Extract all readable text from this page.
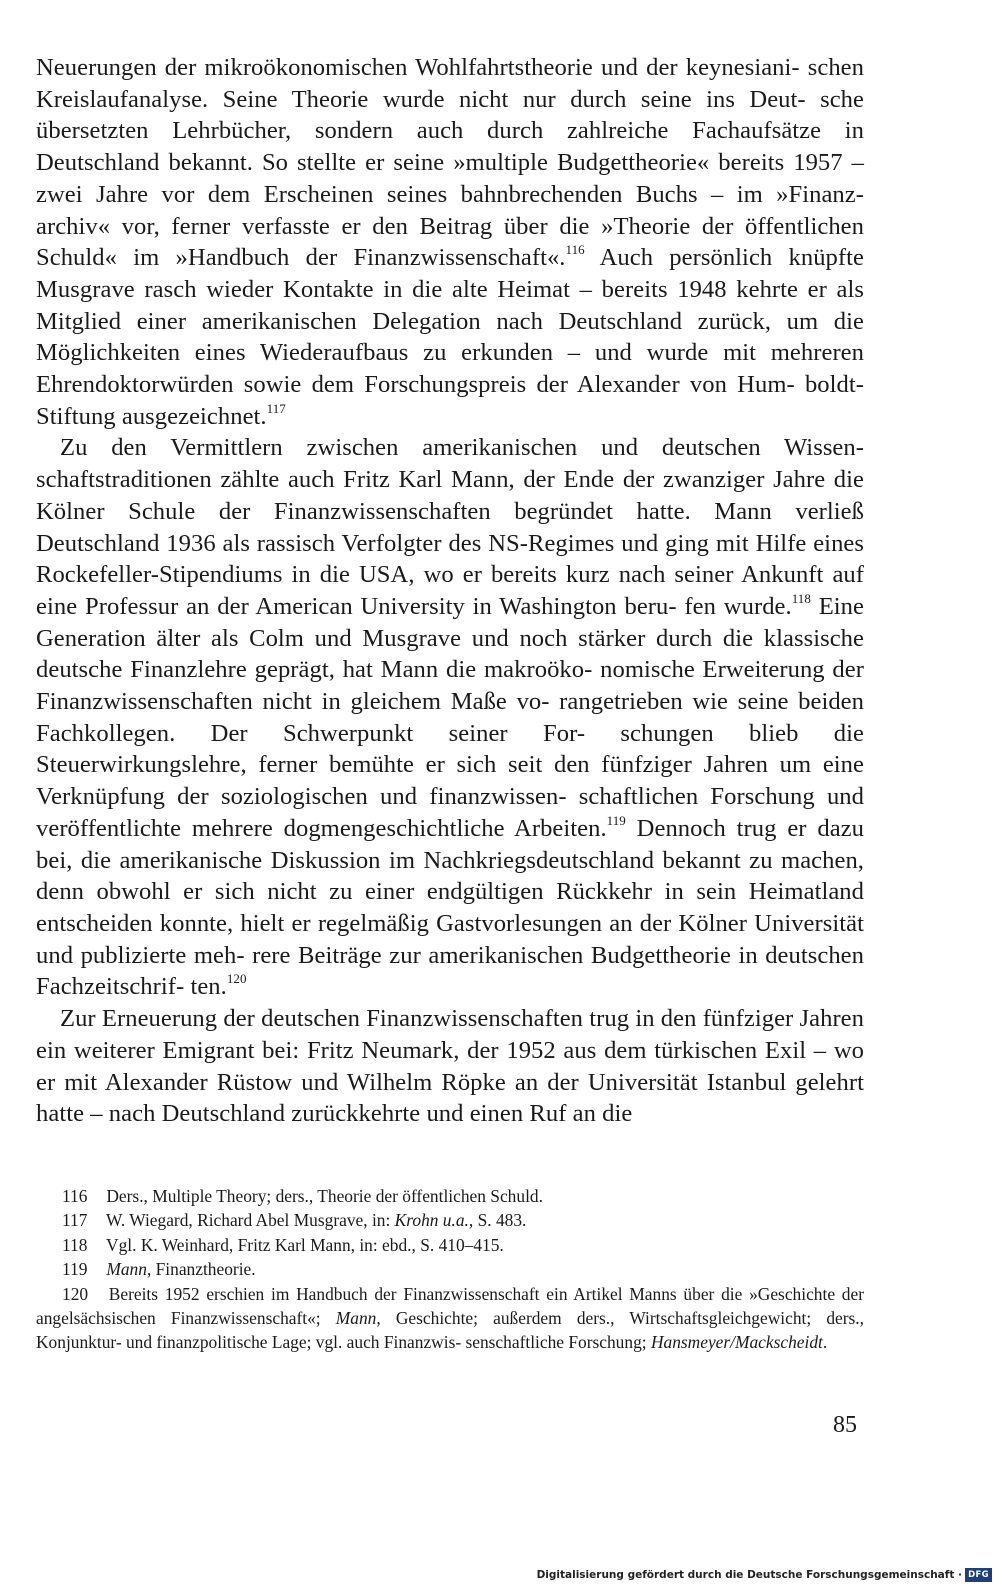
Neuerungen der mikroökonomischen Wohlfahrtstheorie und der keynesiani- schen Kreislaufanalyse. Seine Theorie wurde nicht nur durch seine ins Deut- sche übersetzten Lehrbücher, sondern auch durch zahlreiche Fachaufsätze in Deutschland bekannt. So stellte er seine »multiple Budgettheorie« bereits 1957 – zwei Jahre vor dem Erscheinen seines bahnbrechenden Buchs – im »Finanz- archiv« vor, ferner verfasste er den Beitrag über die »Theorie der öffentlichen Schuld« im »Handbuch der Finanzwissenschaft«.$^{116}$ Auch persönlich knüpfte Musgrave rasch wieder Kontakte in die alte Heimat – bereits 1948 kehrte er als Mitglied einer amerikanischen Delegation nach Deutschland zurück, um die Möglichkeiten eines Wiederaufbaus zu erkunden – und wurde mit mehreren Ehrendoktorwürden sowie dem Forschungspreis der Alexander von Hum- boldt-Stiftung ausgezeichnet.$^{117}$

Zu den Vermittlern zwischen amerikanischen und deutschen Wissen- schaftstraditionen zählte auch Fritz Karl Mann, der Ende der zwanziger Jahre die Kölner Schule der Finanzwissenschaften begründet hatte. Mann verließ Deutschland 1936 als rassisch Verfolgter des NS-Regimes und ging mit Hilfe eines Rockefeller-Stipendiums in die USA, wo er bereits kurz nach seiner Ankunft auf eine Professur an der American University in Washington beru- fen wurde.$^{118}$ Eine Generation älter als Colm und Musgrave und noch stärker durch die klassische deutsche Finanzlehre geprägt, hat Mann die makroöko- nomische Erweiterung der Finanzwissenschaften nicht in gleichem Maße vo- rangetrieben wie seine beiden Fachkollegen. Der Schwerpunkt seiner For- schungen blieb die Steuerwirkungslehre, ferner bemühte er sich seit den fünfziger Jahren um eine Verknüpfung der soziologischen und finanzwissen- schaftlichen Forschung und veröffentlichte mehrere dogmengeschichtliche Arbeiten.$^{119}$ Dennoch trug er dazu bei, die amerikanische Diskussion im Nachkriegsdeutschland bekannt zu machen, denn obwohl er sich nicht zu einer endgültigen Rückkehr in sein Heimatland entscheiden konnte, hielt er regelmäßig Gastvorlesungen an der Kölner Universität und publizierte meh- rere Beiträge zur amerikanischen Budgettheorie in deutschen Fachzeitschrif- ten.$^{120}$

Zur Erneuerung der deutschen Finanzwissenschaften trug in den fünfziger Jahren ein weiterer Emigrant bei: Fritz Neumark, der 1952 aus dem türkischen Exil – wo er mit Alexander Rüstow und Wilhelm Röpke an der Universität Istanbul gelehrt hatte – nach Deutschland zurückkehrte und einen Ruf an die

116 Ders., Multiple Theory; ders., Theorie der öffentlichen Schuld.

117 W. Wiegard, Richard Abel Musgrave, in: Krohn u.a., S. 483.

118 Vgl. K. Weinhard, Fritz Karl Mann, in: ebd., S. 410–415.

119 Mann, Finanztheorie.

120 Bereits 1952 erschien im Handbuch der Finanzwissenschaft ein Artikel Manns über die »Geschichte der angelsächsischen Finanzwissenschaft«; Mann, Geschichte; außerdem ders., Wirtschaftsgleichgewicht; ders., Konjunktur- und finanzpolitische Lage; vgl. auch Finanzwis- senschaftliche Forschung; Hansmeyer/Mackscheidt.

85
Digitalisierung gefördert durch die Deutsche Forschungsgemeinschaft · DFG
